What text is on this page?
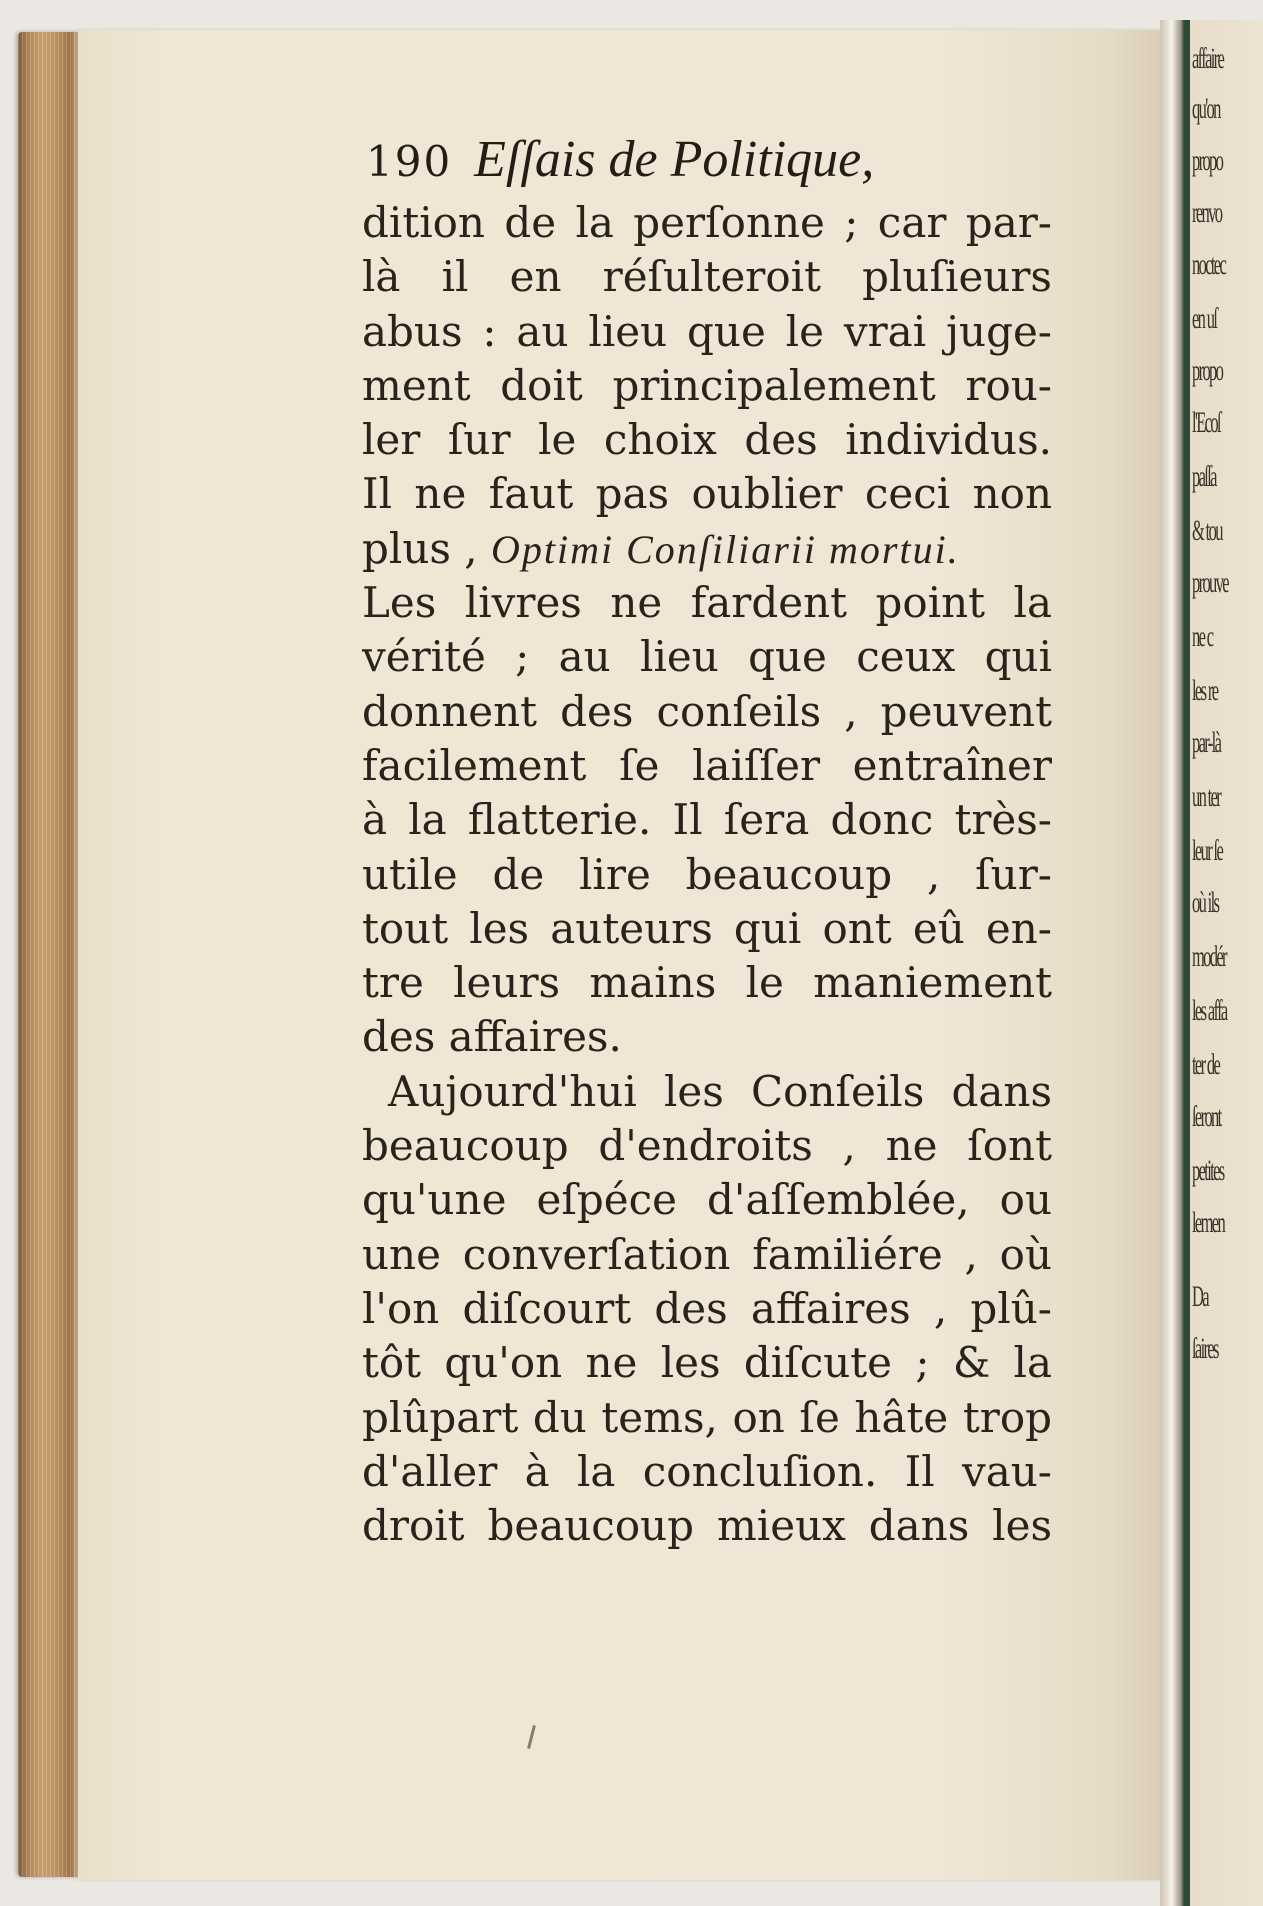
affaire
qu'on
propo
renvo
noctec
en uſ
propo
l'Ecoſ
paſſa
& tou
prouve
ne c
les re
par-là
un ter
leur ſe
où ils
modér
les affa
ter de
ſeront
petites
lemen
Da
ſaires
190 Eſſais de Politique,
dition de la perſonne ; car par-
là il en réſulteroit pluſieurs
abus : au lieu que le vrai juge-
ment doit principalement rou-
ler ſur le choix des individus.
Il ne faut pas oublier ceci non
plus , Optimi Conſiliarii mortui.
Les livres ne fardent point la
vérité ; au lieu que ceux qui
donnent des conſeils , peuvent
facilement ſe laiſſer entraîner
à la flatterie. Il ſera donc très-
utile de lire beaucoup , ſur-
tout les auteurs qui ont eû en-
tre leurs mains le maniement
des affaires.
Aujourd'hui les Conſeils dans
beaucoup d'endroits , ne ſont
qu'une eſpéce d'aſſemblée, ou
une converſation familiére , où
l'on diſcourt des affaires , plû-
tôt qu'on ne les diſcute ; & la
plûpart du tems, on ſe hâte trop
d'aller à la concluſion. Il vau-
droit beaucoup mieux dans les
